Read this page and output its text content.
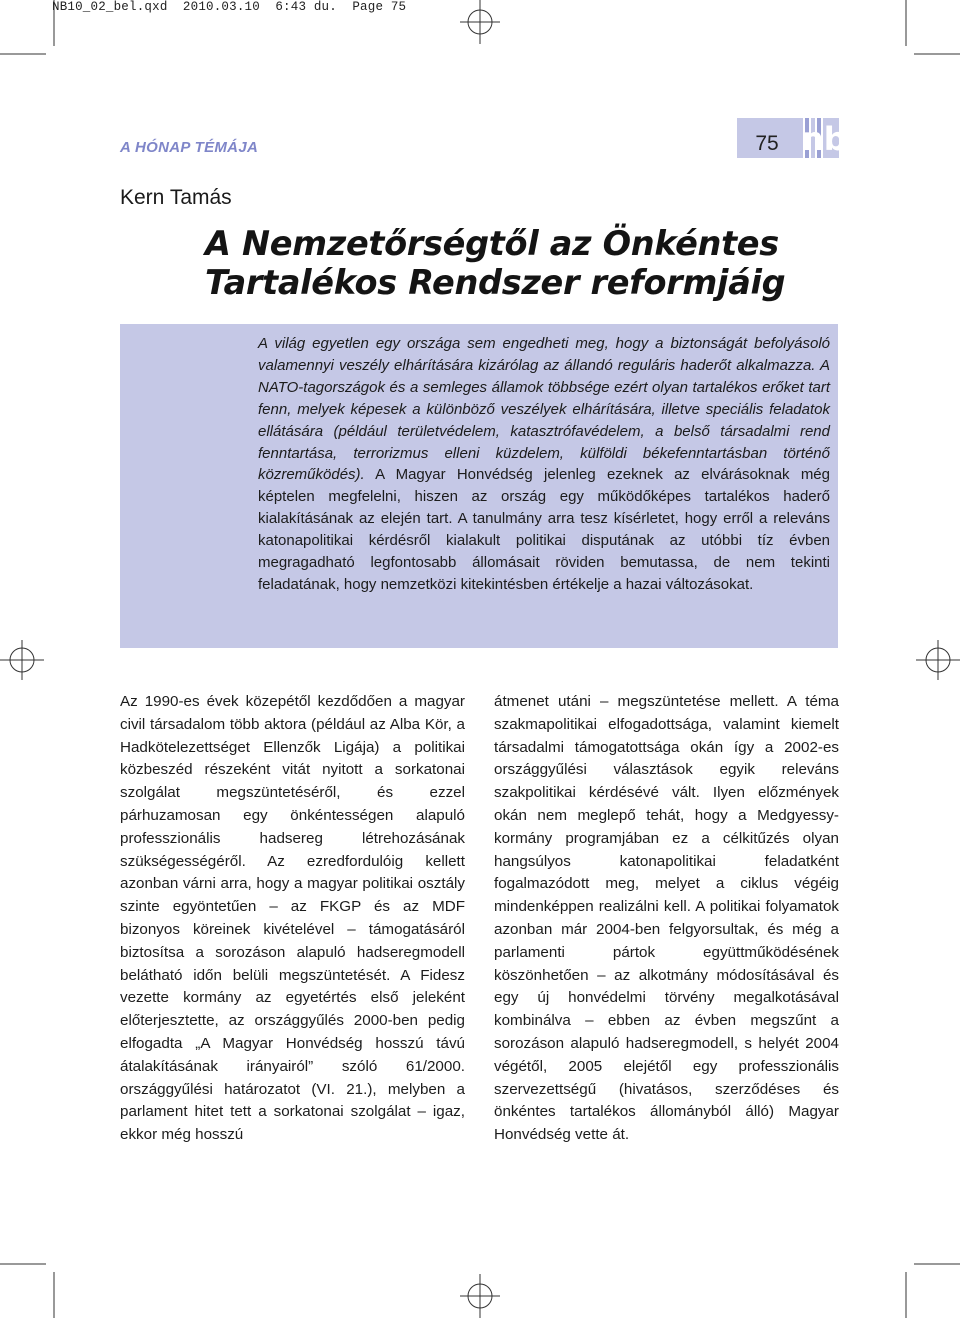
NB10_02_bel.qxd  2010.03.10  6:43 du.  Page 75
A HÓNAP TÉMÁJA	75 nb
Kern Tamás
A Nemzetőrségtől az Önkéntes
Tartalékos Rendszer reformjáig

A világ egyetlen egy országa sem engedheti meg, hogy a biztonságát befolyásoló valamennyi veszély elhárítására kizárólag az állandó reguláris haderőt alkalmazza. A NATO-tagországok és a semleges államok többsége ezért olyan tartalékos erőket tart fenn, melyek képesek a különböző veszélyek elhárítására, illetve speciális feladatok ellátására (például területvédelem, katasztrófavédelem, a belső társadalmi rend fenntartása, terrorizmus elleni küzdelem, külföldi békefenntartásban történő közreműködés). A Magyar Honvédség jelenleg ezeknek az elvárásoknak még képtelen megfelelni, hiszen az ország egy működőképes tartalékos haderő kialakításának az elején tart. A tanulmány arra tesz kísérletet, hogy erről a releváns katonapolitikai kérdésről kialakult politikai disputának az utóbbi tíz évben megragadható legfontosabb állomásait röviden bemutassa, de nem tekinti feladatának, hogy nemzetközi kitekintésben értékelje a hazai változásokat.

Az 1990-es évek közepétől kezdődően a magyar civil társadalom több aktora (például az Alba Kör, a Hadkötelezettséget Ellenzők Ligája) a politikai közbeszéd részeként vitát nyitott a sorkatonai szolgálat megszüntetéséről, és ezzel párhuzamosan egy önkéntességen alapuló professzionális hadsereg létrehozásának szükségességéről. Az ezredfordulóig kellett azonban várni arra, hogy a magyar politikai osztály szinte egyöntetűen – az FKGP és az MDF bizonyos köreinek kivételével – támogatásáról biztosítsa a sorozáson alapuló hadseregmodell belátható időn belüli megszüntetését. A Fidesz vezette kormány az egyetértés első jeleként előterjesztette, az országgyűlés 2000-ben pedig elfogadta „A Magyar Honvédség hosszú távú átalakításának irányairól” szóló 61/2000. országgyűlési határozatot (VI. 21.), melyben a parlament hitet tett a sorkatonai szolgálat – igaz, ekkor még hosszú

átmenet utáni – megszüntetése mellett. A téma szakmapolitikai elfogadottsága, valamint kiemelt társadalmi támogatottsága okán így a 2002-es országgyűlési választások egyik releváns szakpolitikai kérdésévé vált. Ilyen előzmények okán nem meglepő tehát, hogy a Medgyessy-kormány programjában ez a célkitűzés olyan hangsúlyos katonapolitikai feladatként fogalmazódott meg, melyet a ciklus végéig mindenképpen realizálni kell. A politikai folyamatok azonban már 2004-ben felgyorsultak, és még a parlamenti pártok együttműködésének köszönhetően – az alkotmány módosításával és egy új honvédelmi törvény megalkotásával kombinálva – ebben az évben megszűnt a sorozáson alapuló hadseregmodell, s helyét 2004 végétől, 2005 elejétől egy professzionális szervezettségű (hivatásos, szerződéses és önkéntes tartalékos állományból álló) Magyar Honvédség vette át.
